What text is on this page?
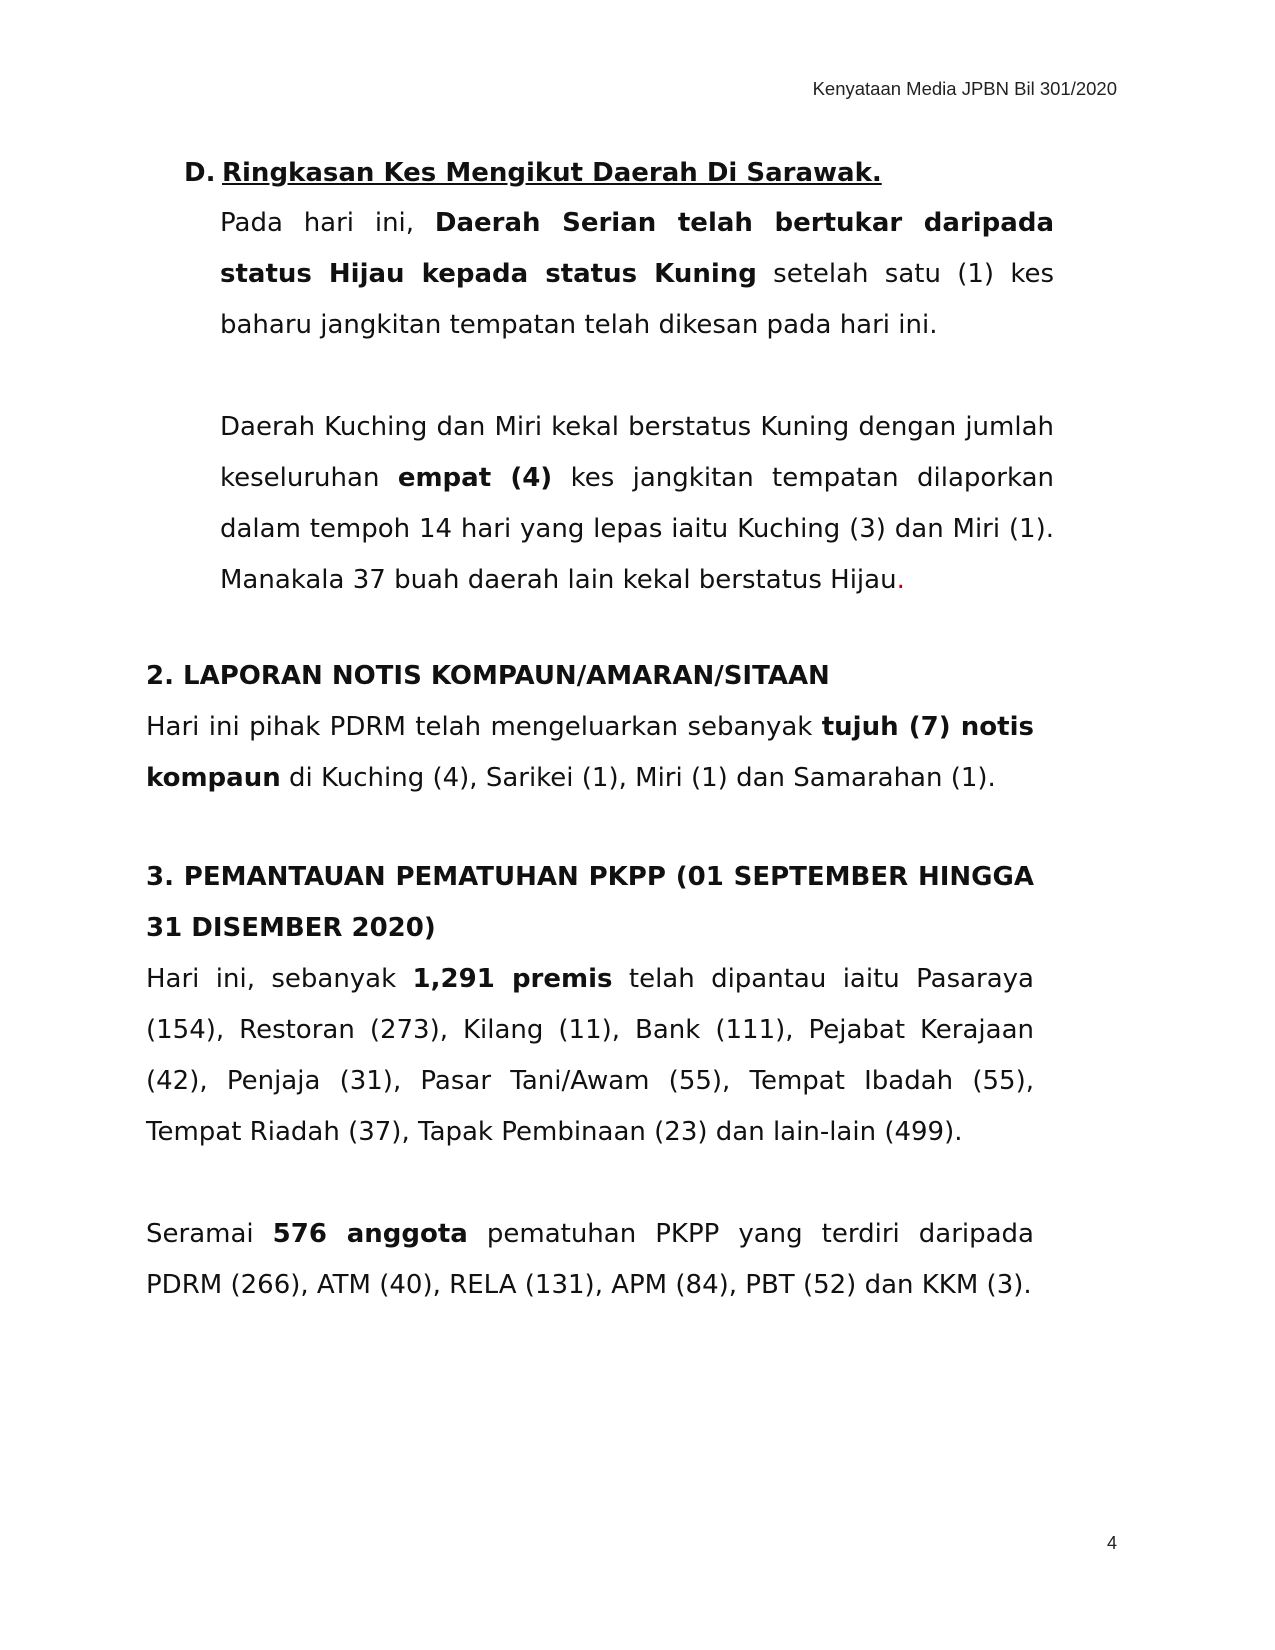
Kenyataan Media JPBN Bil 301/2020
D. Ringkasan Kes Mengikut Daerah Di Sarawak.

Pada hari ini, Daerah Serian telah bertukar daripada status Hijau kepada status Kuning setelah satu (1) kes baharu jangkitan tempatan telah dikesan pada hari ini.

Daerah Kuching dan Miri kekal berstatus Kuning dengan jumlah keseluruhan empat (4) kes jangkitan tempatan dilaporkan dalam tempoh 14 hari yang lepas iaitu Kuching (3) dan Miri (1). Manakala 37 buah daerah lain kekal berstatus Hijau.

2. LAPORAN NOTIS KOMPAUN/AMARAN/SITAAN

Hari ini pihak PDRM telah mengeluarkan sebanyak tujuh (7) notis kompaun di Kuching (4), Sarikei (1), Miri (1) dan Samarahan (1).

3. PEMANTAUAN PEMATUHAN PKPP (01 SEPTEMBER HINGGA 31 DISEMBER 2020)

Hari ini, sebanyak 1,291 premis telah dipantau iaitu Pasaraya (154), Restoran (273), Kilang (11), Bank (111), Pejabat Kerajaan (42), Penjaja (31), Pasar Tani/Awam (55), Tempat Ibadah (55), Tempat Riadah (37), Tapak Pembinaan (23) dan lain-lain (499).

Seramai 576 anggota pematuhan PKPP yang terdiri daripada PDRM (266), ATM (40), RELA (131), APM (84), PBT (52) dan KKM (3).

4
